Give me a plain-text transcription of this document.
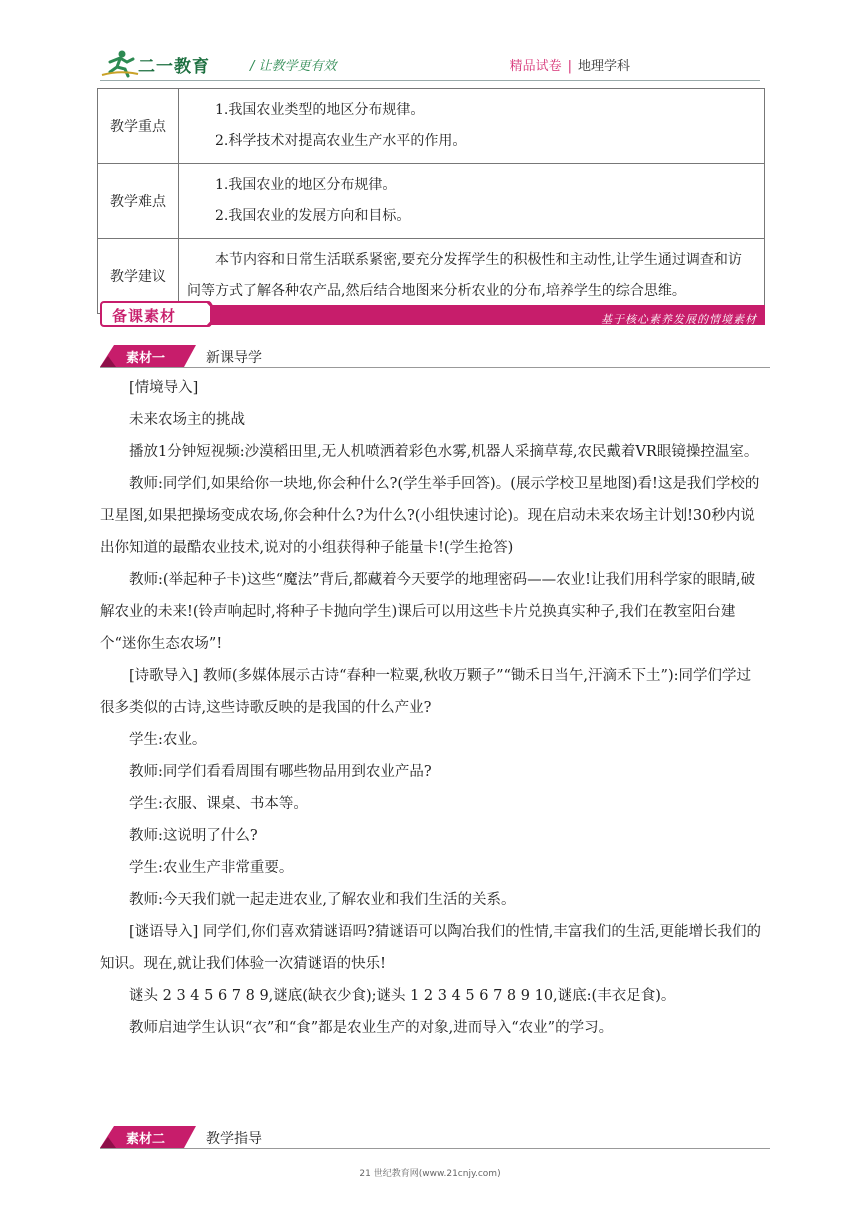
二一教育	/ 让教学更有效	精品试卷 | 地理学科
教学重点	1.我国农业类型的地区分布规律。
2.科学技术对提高农业生产水平的作用。

教学难点	1.我国农业的地区分布规律。
2.我国农业的发展方向和目标。

教学建议	本节内容和日常生活联系紧密,要充分发挥学生的积极性和主动性,让学生通过调查和访问等方式了解各种农产品,然后结合地图来分析农业的分布,培养学生的综合思维。
基于核心素养发展的情境素材
备课素材
素材一	新课导学

[情境导入]

未来农场主的挑战

播放1分钟短视频:沙漠稻田里,无人机喷洒着彩色水雾,机器人采摘草莓,农民戴着VR眼镜操控温室。

教师:同学们,如果给你一块地,你会种什么?(学生举手回答)。(展示学校卫星地图)看!这是我们学校的卫星图,如果把操场变成农场,你会种什么?为什么?(小组快速讨论)。现在启动未来农场主计划!30秒内说出你知道的最酷农业技术,说对的小组获得种子能量卡!(学生抢答)

教师:(举起种子卡)这些“魔法”背后,都藏着今天要学的地理密码——农业!让我们用科学家的眼睛,破解农业的未来!(铃声响起时,将种子卡抛向学生)课后可以用这些卡片兑换真实种子,我们在教室阳台建个“迷你生态农场”!

[诗歌导入] 教师(多媒体展示古诗“春种一粒粟,秋收万颗子”“锄禾日当午,汗滴禾下土”):同学们学过很多类似的古诗,这些诗歌反映的是我国的什么产业?

学生:农业。

教师:同学们看看周围有哪些物品用到农业产品?

学生:衣服、课桌、书本等。

教师:这说明了什么?

学生:农业生产非常重要。

教师:今天我们就一起走进农业,了解农业和我们生活的关系。

[谜语导入] 同学们,你们喜欢猜谜语吗?猜谜语可以陶冶我们的性情,丰富我们的生活,更能增长我们的知识。现在,就让我们体验一次猜谜语的快乐!

谜头 2 3 4 5 6 7 8 9,谜底(缺衣少食);谜头 1 2 3 4 5 6 7 8 9 10,谜底:(丰衣足食)。

教师启迪学生认识“衣”和“食”都是农业生产的对象,进而导入“农业”的学习。

素材二	教学指导
21 世纪教育网(www.21cnjy.com)
